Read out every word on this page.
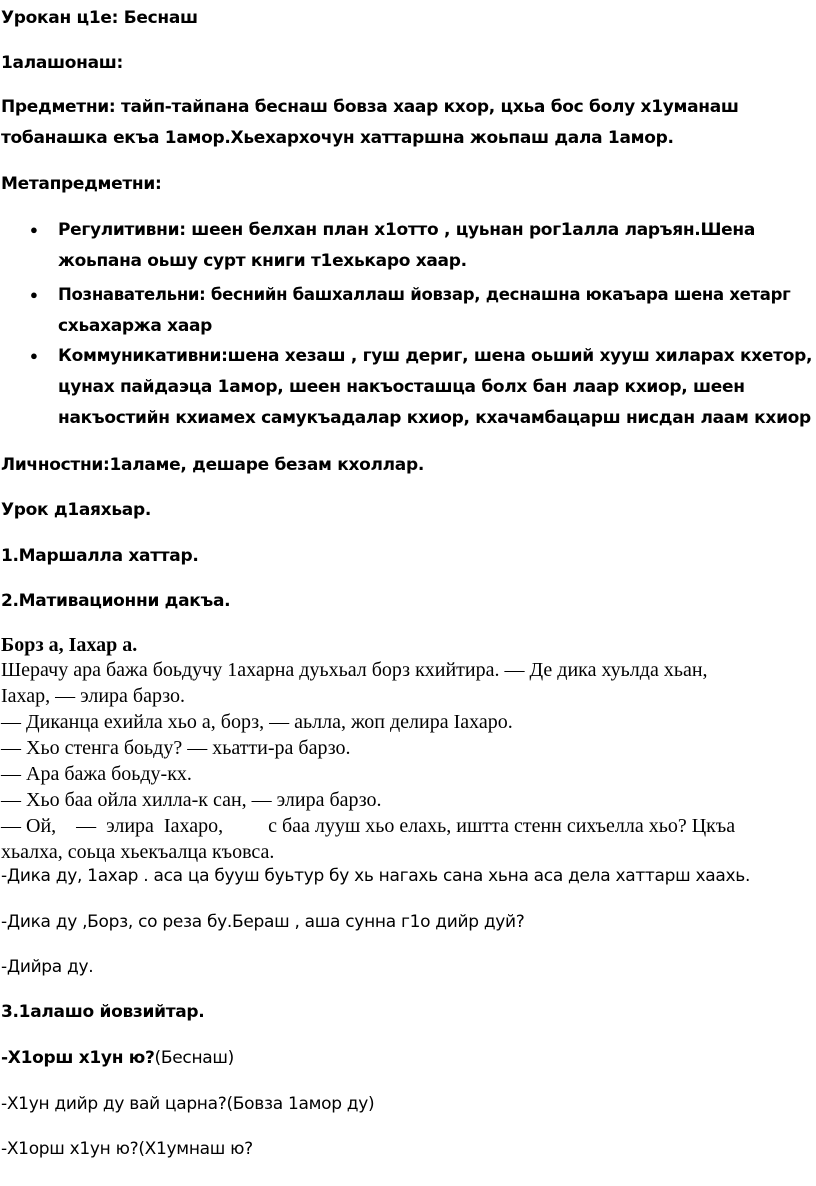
Урокан ц1е: Беснаш

1алашонаш:

Предметни: тайп-тайпана беснаш бовза хаар кхор, цхьа бос болу х1уманаш

тобанашка екъа 1амор.Хьехархочун хаттаршна жоьпаш дала 1амор.

Метапредметни:

● Регулитивни: шеен белхан план х1отто , цуьнан рог1алла ларъян.Шена

жоьпана оьшу сурт книги т1ехькаро хаар.

● Познавательни: беснийн башхаллаш йовзар, деснашна юкаъара шена хетарг

схьахаржа хаар

● Коммуникативни:шена хезаш , гуш дериг, шена оьший хууш хиларах кхетор,

цунах пайдаэца 1амор, шеен накъосташца болх бан лаар кхиор, шеен

накъостийн кхиамех самукъадалар кхиор, кхачамбацарш нисдан лаам кхиор

Личностни:1аламе, дешаре безам кхоллар.

Урок д1аяхьар.

1.Маршалла хаттар.

2.Мативационни дакъа.

Борз а, Iахар а.

Шерачу ара бажа боьдучу 1ахарна дуьхьал борз кхийтира. — Де дика хуьлда хьан,

Iахар, — элира барзо.

— Диканца ехийла хьо а, борз, — аьлла, жоп делира Iахаро.

— Хьо стенга боьду? — хьатти-ра барзо.

— Ара бажа боьду-кх.

— Хьо баа ойла хилла-к сан, — элира барзо.

— Ой,    —  элира  Iахаро,         с баа лууш хьо елахь, иштта стенн сихъелла хьо? Цкъа

хьалха, соьца хьекъалца къовса.

-Дика ду, 1ахар . аса ца бууш буьтур бу хь нагахь сана хьна аса дела хаттарш хаахь.

-Дика ду ,Борз, со реза бу.Бераш , аша сунна г1о дийр дуй?

-Дийра ду.

3.1алашо йовзийтар.

-Х1орш х1ун ю?(Беснаш)

-Х1ун дийр ду вай царна?(Бовза 1амор ду)

-Х1орш х1ун ю?(Х1умнаш ю?
